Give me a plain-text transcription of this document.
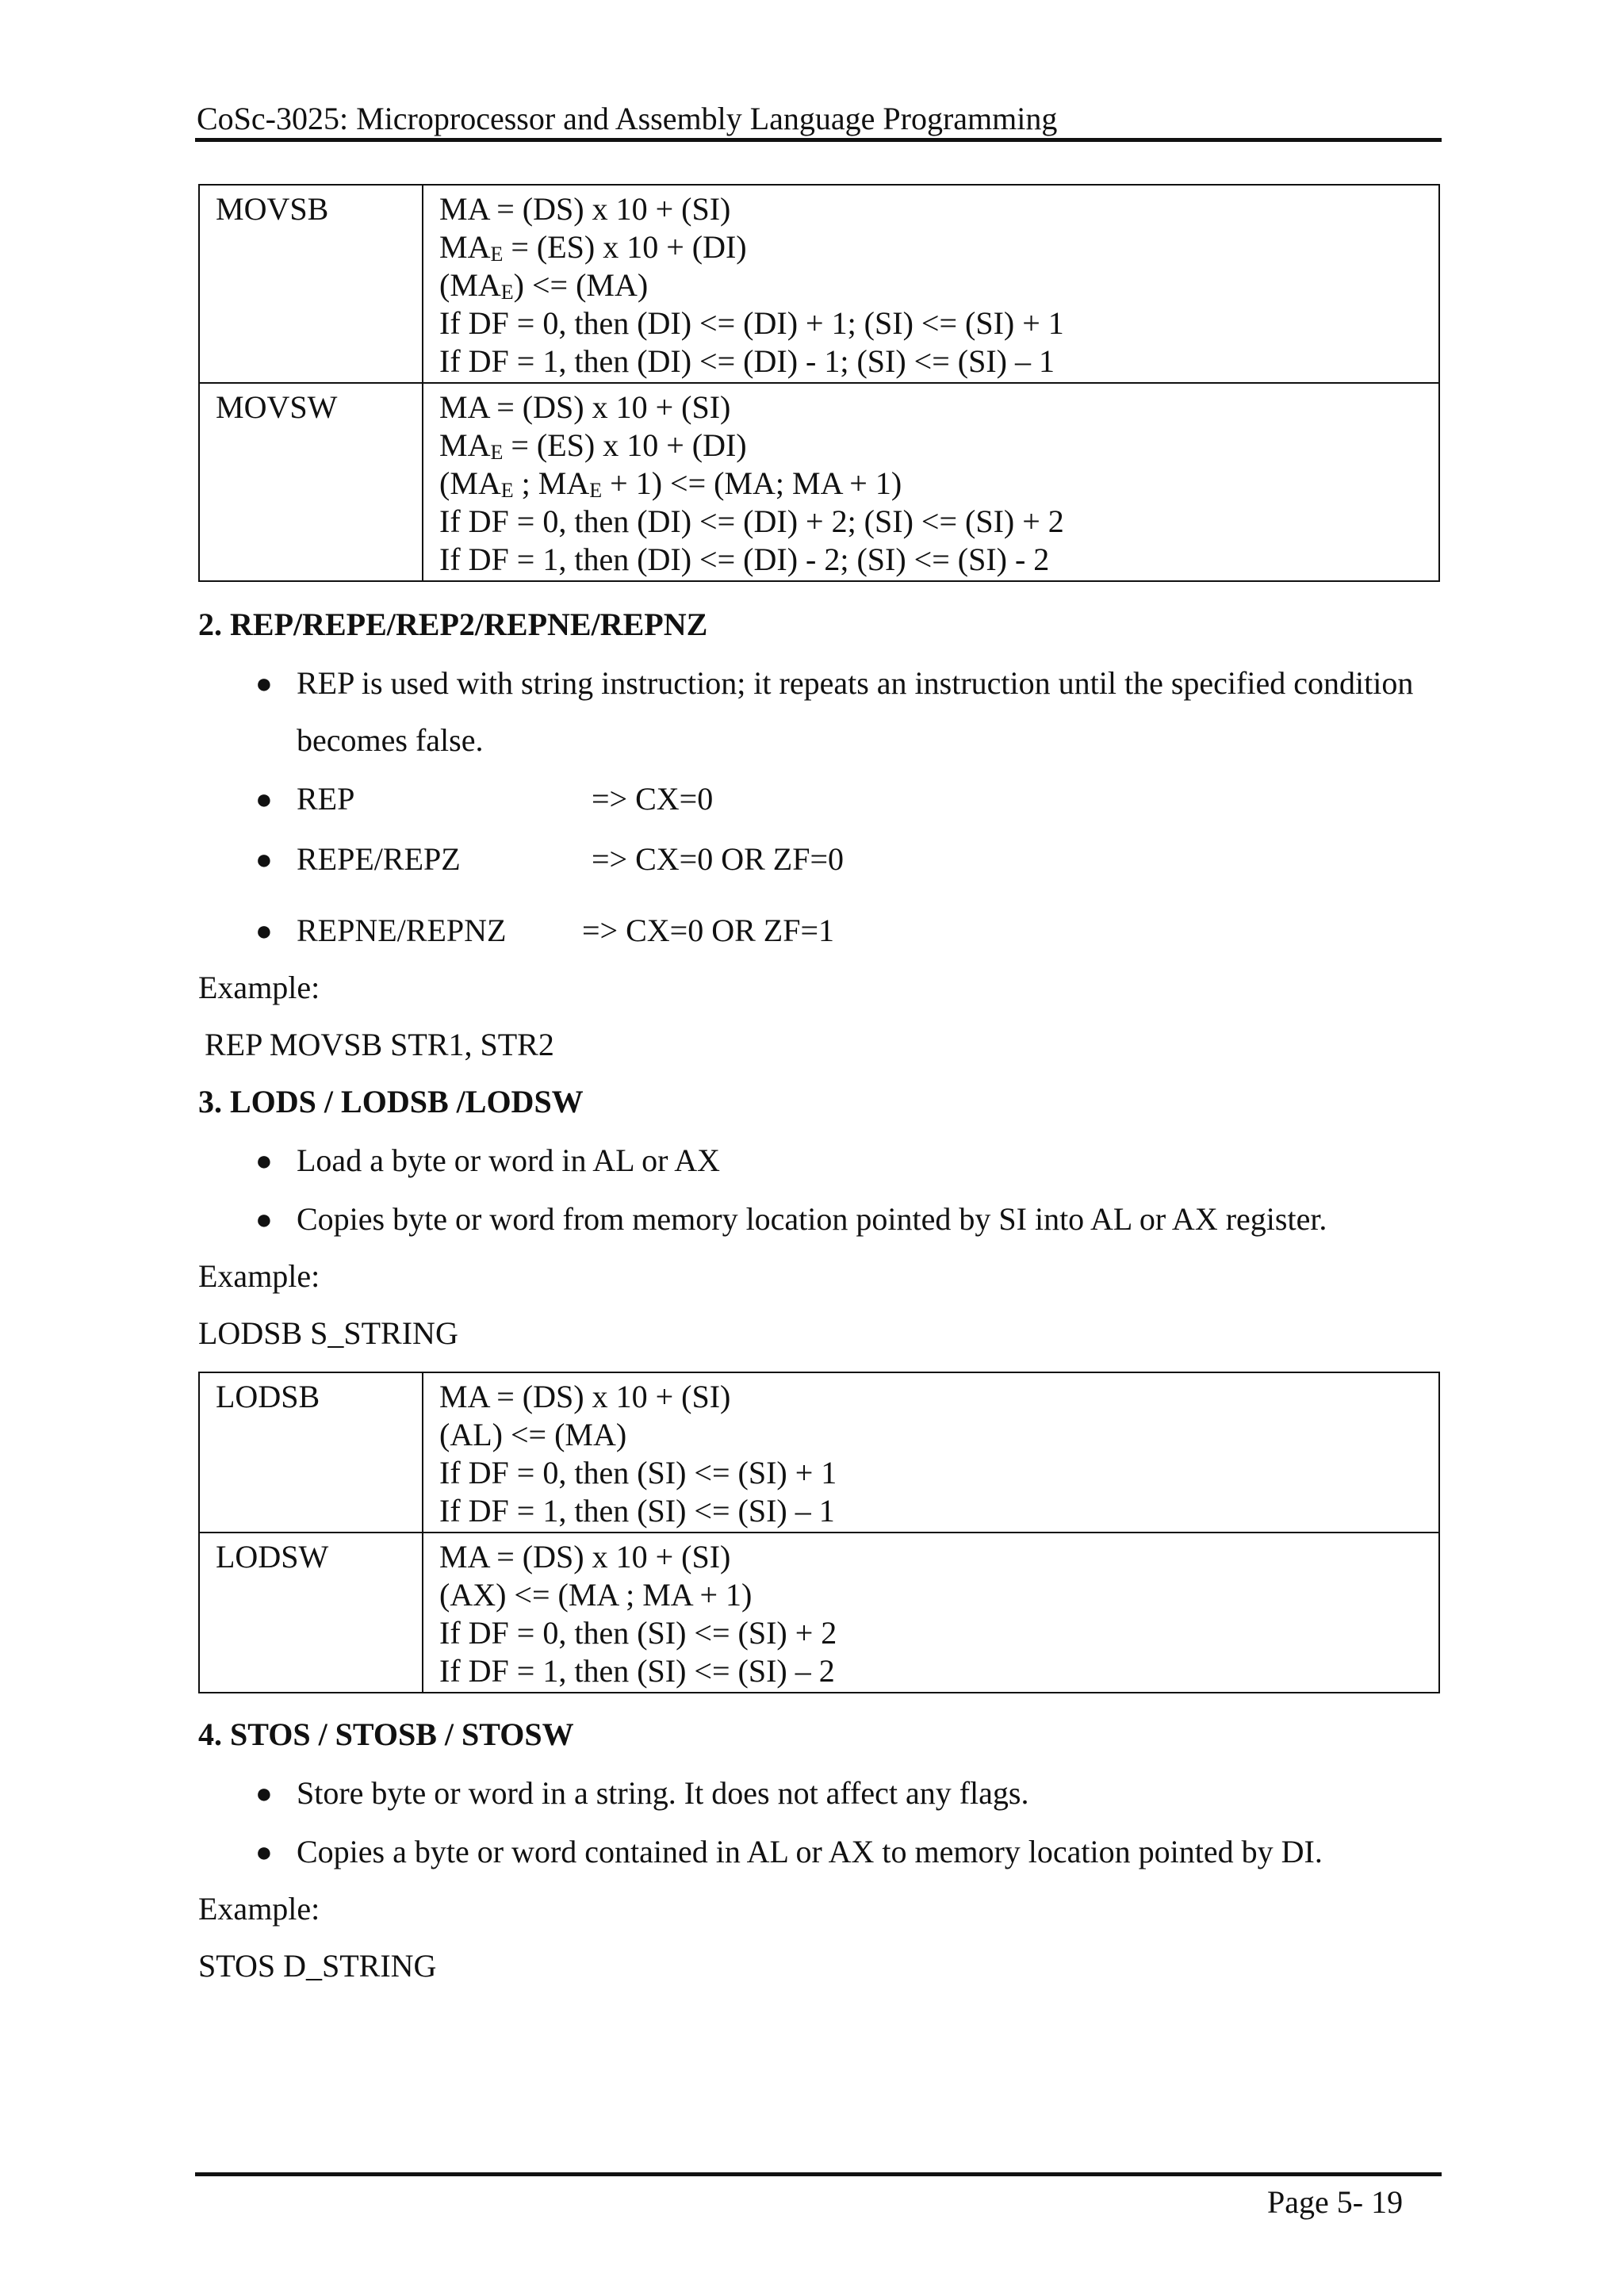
CoSc-3025: Microprocessor and Assembly Language Programming
MOVSB	MA = (DS) x 10 + (SI)
$MA_E = (ES)$ x 10 + (DI)
$(MA_E) <= (MA)$
If DF = 0, then (DI) <= (DI) + 1; (SI) <= (SI) + 1
If DF = 1, then (DI) <= (DI) - 1; (SI) <= (SI) – 1

MOVSW	MA = (DS) x 10 + (SI)
$MA_E = (ES)$ x 10 + (DI)
($MA_E$ ; $MA_E + 1) <= (MA$; MA + 1)
If DF = 0, then (DI) <= (DI) + 2; (SI) <= (SI) + 2
If DF = 1, then (DI) <= (DI) - 2; (SI) <= (SI) - 2
2. REP/REPE/REP2/REPNE/REPNZ
● REP is used with string instruction; it repeats an instruction until the specified condition
becomes false.
● REP	=> CX=0
● REPE/REPZ	=> CX=0 OR ZF=0
● REPNE/REPNZ => CX=0 OR ZF=1
Example:
REP MOVSB STR1, STR2
3. LODS / LODSB /LODSW
● Load a byte or word in AL or AX
● Copies byte or word from memory location pointed by SI into AL or AX register.
Example:
LODSB S_STRING
LODSB	MA = (DS) x 10 + (SI)
(AL) <= (MA)
If DF = 0, then (SI) <= (SI) + 1
If DF = 1, then (SI) <= (SI) – 1

LODSW	MA = (DS) x 10 + (SI)
(AX) <= (MA ; MA + 1)
If DF = 0, then (SI) <= (SI) + 2
If DF = 1, then (SI) <= (SI) – 2
4. STOS / STOSB / STOSW
● Store byte or word in a string. It does not affect any flags.
● Copies a byte or word contained in AL or AX to memory location pointed by DI.
Example:
STOS D_STRING
Page 5- 19
